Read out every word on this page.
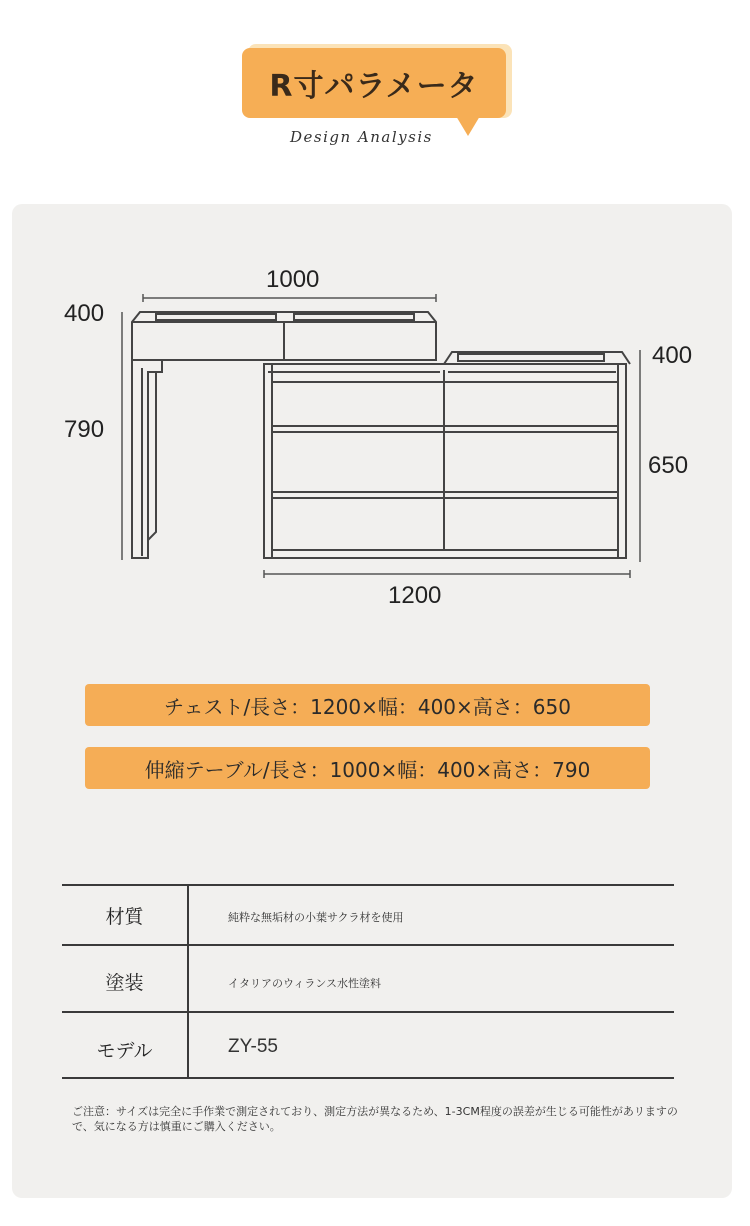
R寸パラメータ
Design Analysis
1000
400
790
400
650
1200
チェスト/長さ：1200×幅：400×高さ：650
伸縮テーブル/長さ：1000×幅：400×高さ：790
材質	純粋な無垢材の小葉サクラ材を使用
塗装	イタリアのウィランス水性塗料
モデル	ZY-55
ご注意：サイズは完全に手作業で測定されており、測定方法が異なるため、1-3CM程度の誤差が生じる可能性があリますので、気になる方は慎重にご購入ください。
